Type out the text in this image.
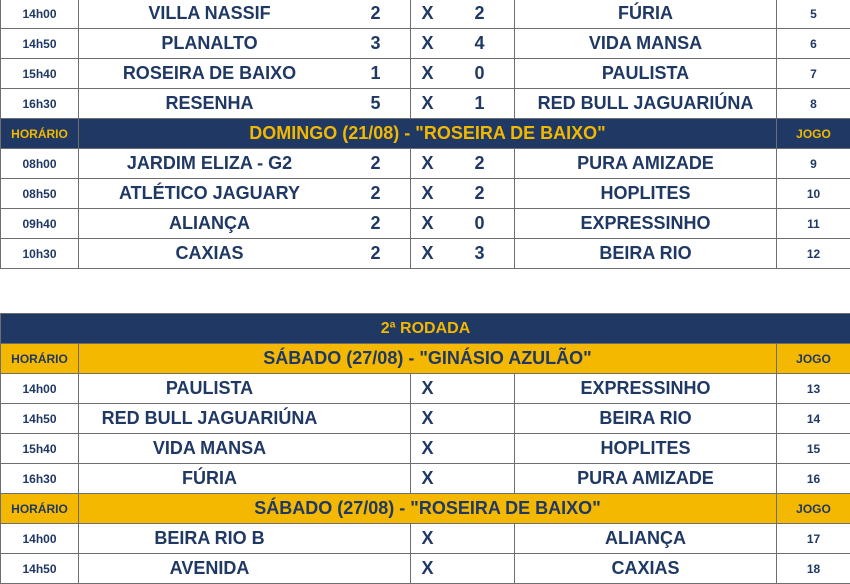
14h00	VILLA NASSIF	2	X	2	FÚRIA	5
14h50	PLANALTO	3	X	4	VIDA MANSA	6
15h40	ROSEIRA DE BAIXO	1	X	0	PAULISTA	7
16h30	RESENHA	5	X	1	RED BULL JAGUARIÚNA	8
HORÁRIO	DOMINGO (21/08) - "ROSEIRA DE BAIXO"					JOGO
08h00	JARDIM ELIZA - G2	2	X	2	PURA AMIZADE	9
08h50	ATLÉTICO JAGUARY	2	X	2	HOPLITES	10
09h40	ALIANÇA	2	X	0	EXPRESSINHO	11
10h30	CAXIAS	2	X	3	BEIRA RIO	12
2ª RODADA						
HORÁRIO	SÁBADO (27/08) - "GINÁSIO AZULÃO"					JOGO
14h00	PAULISTA		X		EXPRESSINHO	13
14h50	RED BULL JAGUARIÚNA		X		BEIRA RIO	14
15h40	VIDA MANSA		X		HOPLITES	15
16h30	FÚRIA		X		PURA AMIZADE	16
HORÁRIO	SÁBADO (27/08) - "ROSEIRA DE BAIXO"					JOGO
14h00	BEIRA RIO B		X		ALIANÇA	17
14h50	AVENIDA		X		CAXIAS	18
